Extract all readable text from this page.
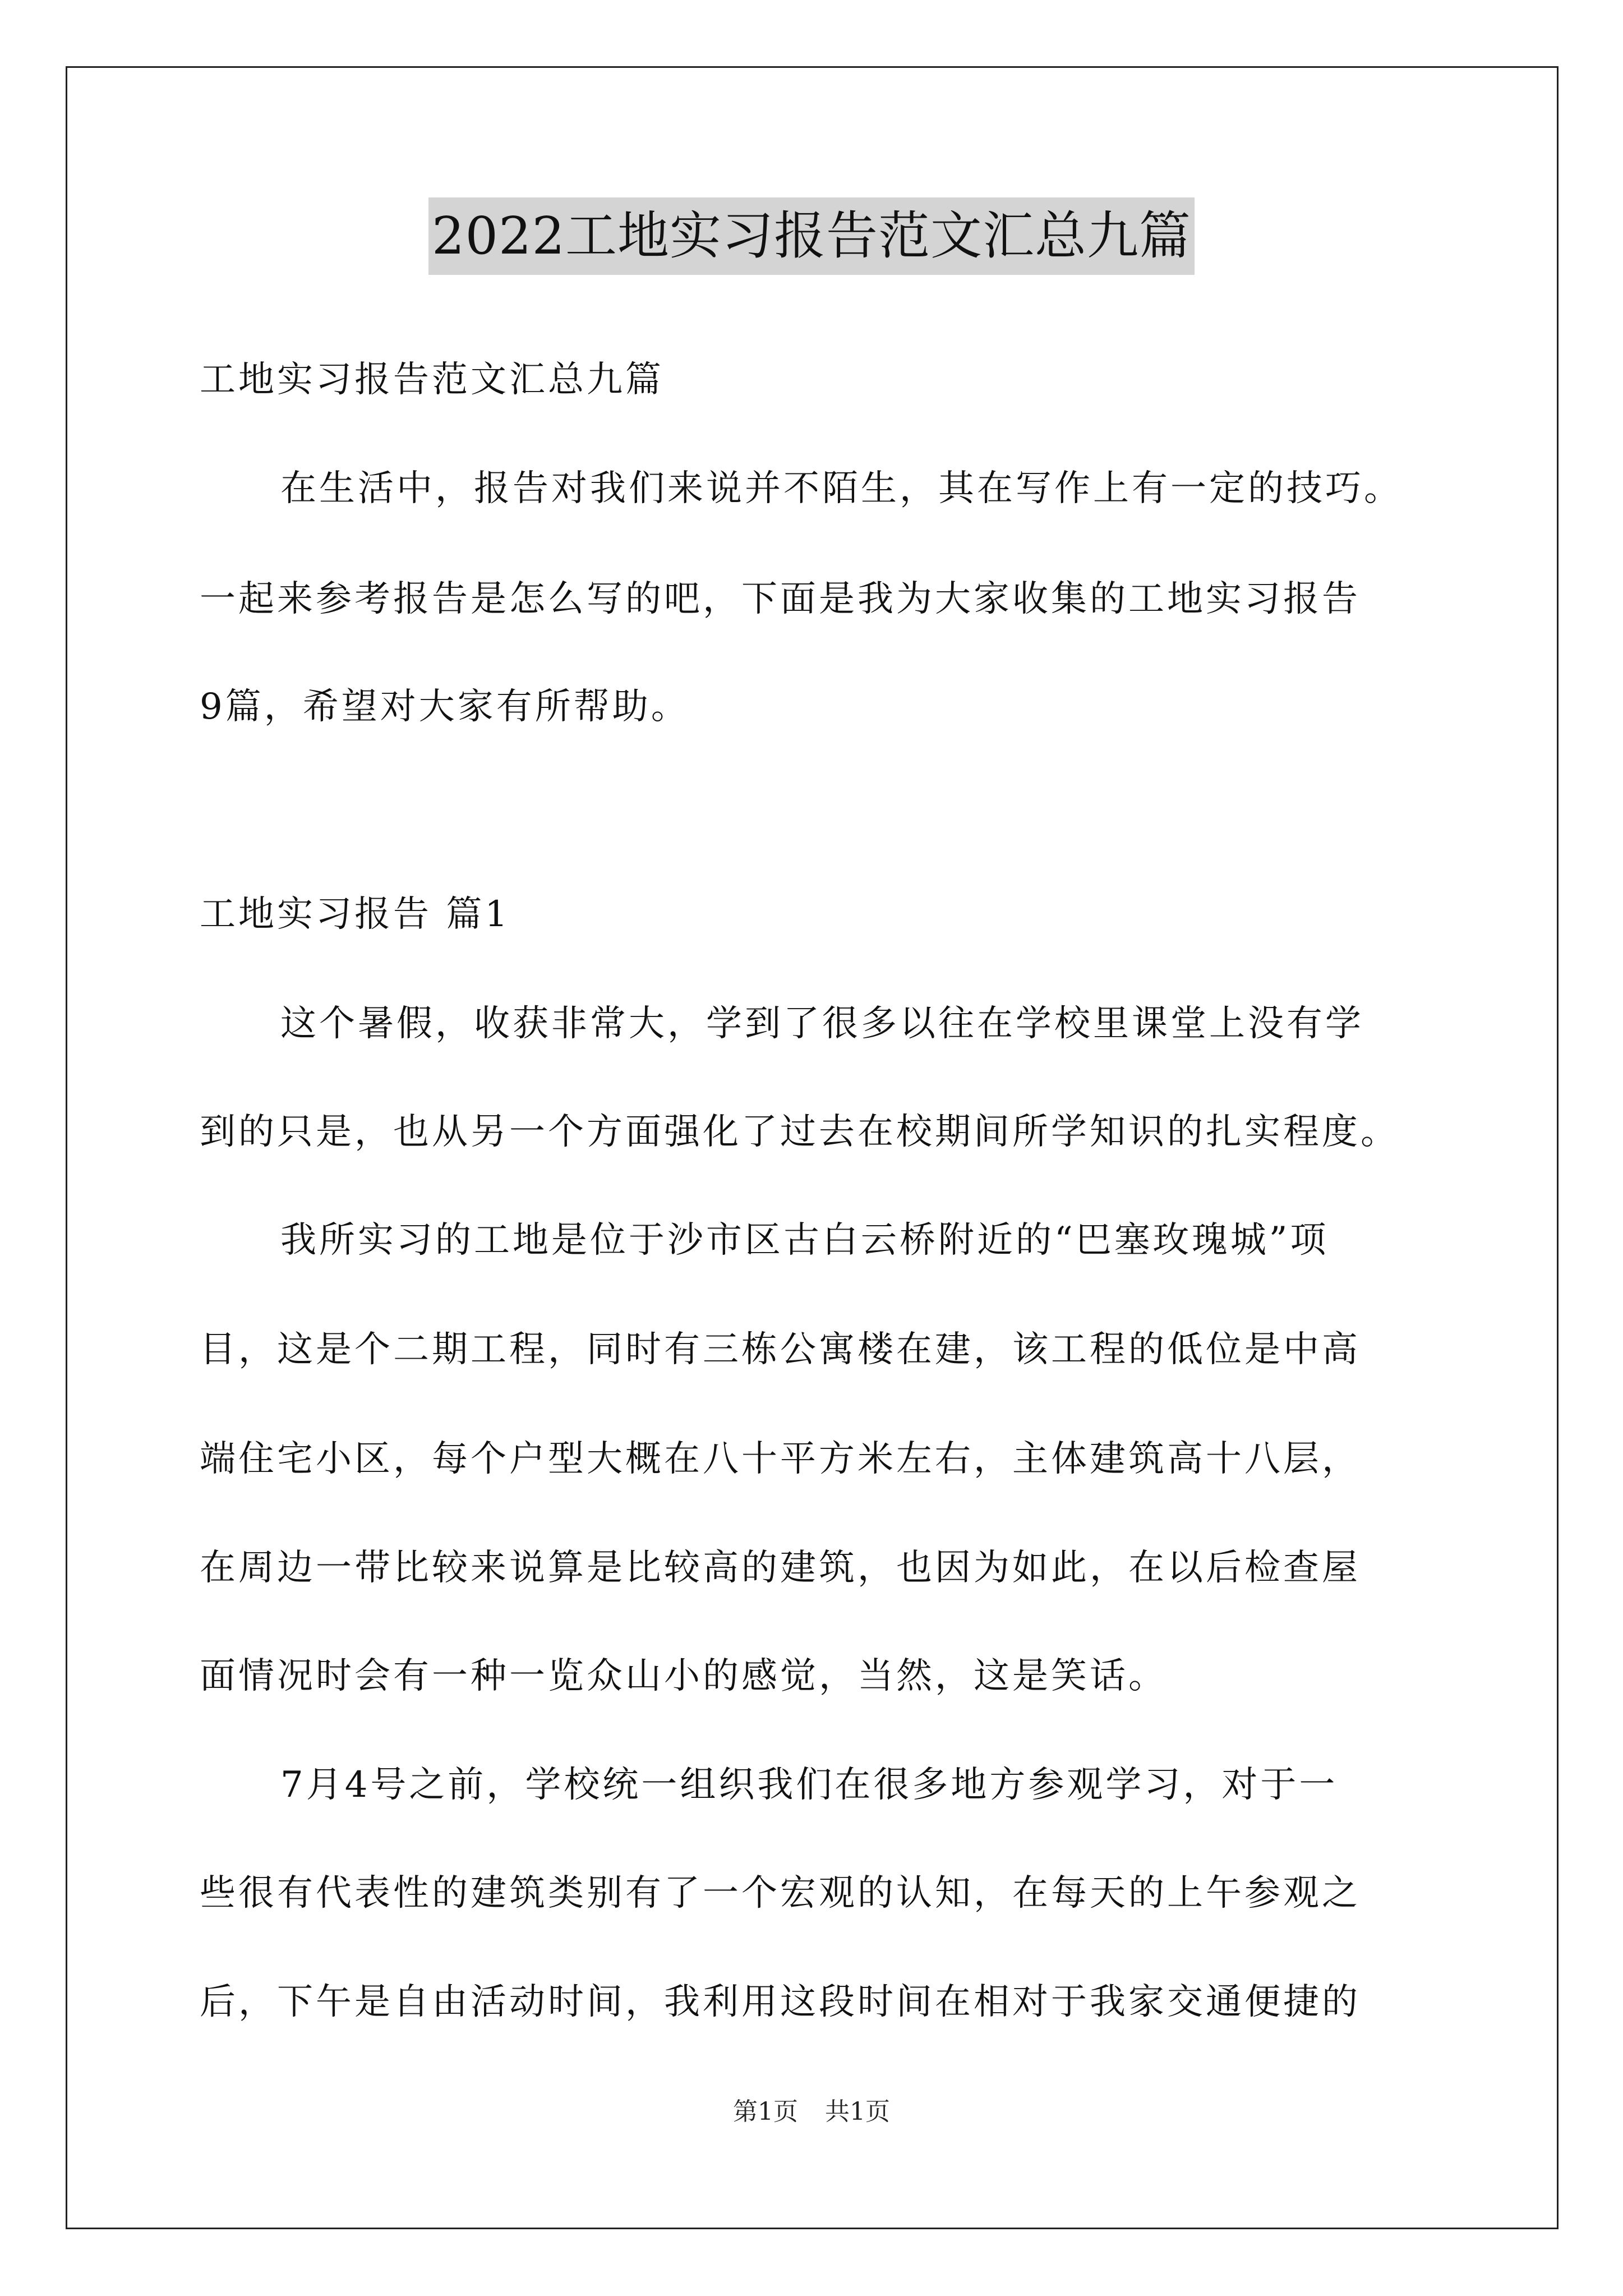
2022工地实习报告范文汇总九篇
工地实习报告范文汇总九篇
在生活中，报告对我们来说并不陌生，其在写作上有一定的技巧。
一起来参考报告是怎么写的吧，下面是我为大家收集的工地实习报告
9篇，希望对大家有所帮助。
工地实习报告 篇1
这个暑假，收获非常大，学到了很多以往在学校里课堂上没有学
到的只是，也从另一个方面强化了过去在校期间所学知识的扎实程度。
我所实习的工地是位于沙市区古白云桥附近的“巴塞玫瑰城”项
目，这是个二期工程，同时有三栋公寓楼在建，该工程的低位是中高
端住宅小区，每个户型大概在八十平方米左右，主体建筑高十八层，
在周边一带比较来说算是比较高的建筑，也因为如此，在以后检查屋
面情况时会有一种一览众山小的感觉，当然，这是笑话。
7月4号之前，学校统一组织我们在很多地方参观学习，对于一
些很有代表性的建筑类别有了一个宏观的认知，在每天的上午参观之
后，下午是自由活动时间，我利用这段时间在相对于我家交通便捷的
第1页 共1页
